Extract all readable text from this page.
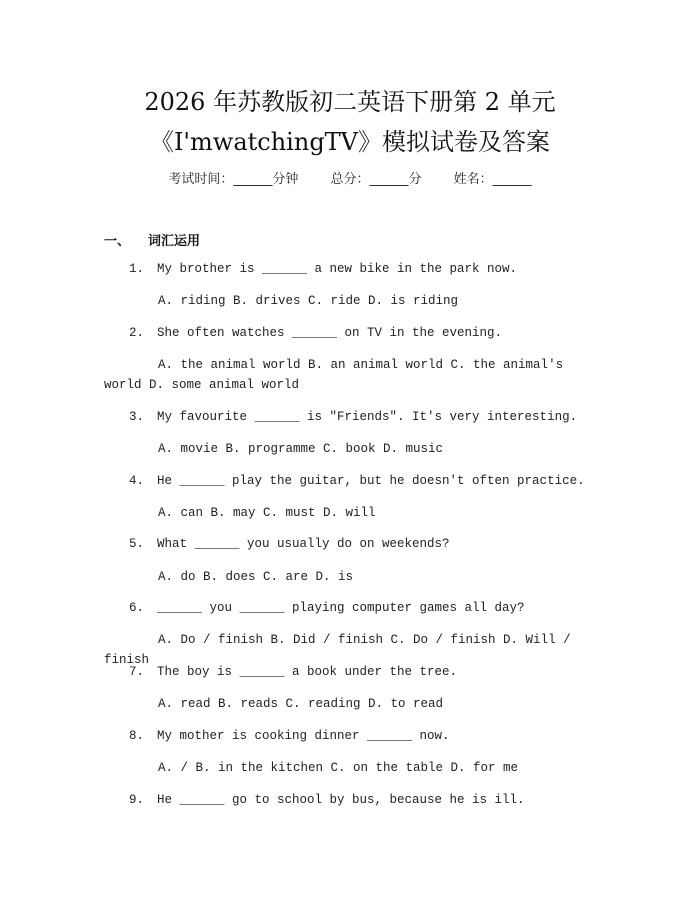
2026 年苏教版初二英语下册第 2 单元
《I'mwatchingTV》模拟试卷及答案
考试时间：______分钟 总分：______分 姓名：______
一、 词汇运用
1. My brother is ______ a new bike in the park now.
A. riding B. drives C. ride D. is riding
2. She often watches ______ on TV in the evening.
A. the animal world B. an animal world C. the animal's world D. some animal world
3. My favourite ______ is "Friends". It's very interesting.
A. movie B. programme C. book D. music
4. He ______ play the guitar, but he doesn't often practice.
A. can B. may C. must D. will
5. What ______ you usually do on weekends?
A. do B. does C. are D. is
6. ______ you ______ playing computer games all day?
A. Do / finish B. Did / finish C. Do / finish D. Will / finish
7. The boy is ______ a book under the tree.
A. read B. reads C. reading D. to read
8. My mother is cooking dinner ______ now.
A. / B. in the kitchen C. on the table D. for me
9. He ______ go to school by bus, because he is ill.
